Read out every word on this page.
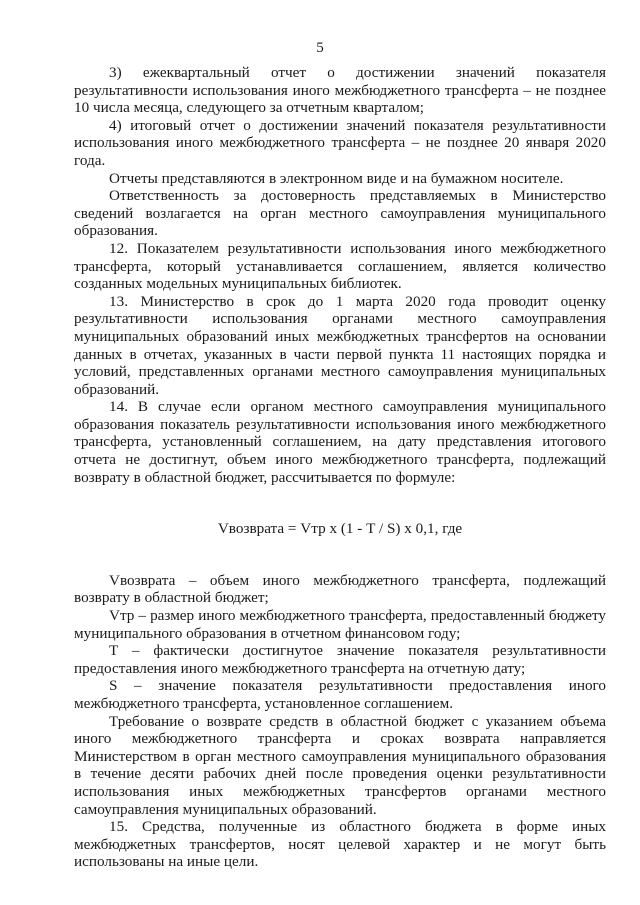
5

3) ежеквартальный отчет о достижении значений показателя результативности использования иного межбюджетного трансферта – не позднее 10 числа месяца, следующего за отчетным кварталом;

4) итоговый отчет о достижении значений показателя результативности использования иного межбюджетного трансферта – не позднее 20 января 2020 года.

Отчеты представляются в электронном виде и на бумажном носителе.

Ответственность за достоверность представляемых в Министерство сведений возлагается на орган местного самоуправления муниципального образования.

12. Показателем результативности использования иного межбюджетного трансферта, который устанавливается соглашением, является количество созданных модельных муниципальных библиотек.

13. Министерство в срок до 1 марта 2020 года проводит оценку результативности использования органами местного самоуправления муниципальных образований иных межбюджетных трансфертов на основании данных в отчетах, указанных в части первой пункта 11 настоящих порядка и условий, представленных органами местного самоуправления муниципальных образований.

14. В случае если органом местного самоуправления муниципального образования показатель результативности использования иного межбюджетного трансферта, установленный соглашением, на дату представления итогового отчета не достигнут, объем иного межбюджетного трансферта, подлежащий возврату в областной бюджет, рассчитывается по формуле:

Vвозврата = Vтр х (1 - T / S) х 0,1, где

Vвозврата – объем иного межбюджетного трансферта, подлежащий возврату в областной бюджет;

Vтр – размер иного межбюджетного трансферта, предоставленный бюджету муниципального образования в отчетном финансовом году;

T – фактически достигнутое значение показателя результативности предоставления иного межбюджетного трансферта на отчетную дату;

S – значение показателя результативности предоставления иного межбюджетного трансферта, установленное соглашением.

Требование о возврате средств в областной бюджет с указанием объема иного межбюджетного трансферта и сроках возврата направляется Министерством в орган местного самоуправления муниципального образования в течение десяти рабочих дней после проведения оценки результативности использования иных межбюджетных трансфертов органами местного самоуправления муниципальных образований.

15. Средства, полученные из областного бюджета в форме иных межбюджетных трансфертов, носят целевой характер и не могут быть использованы на иные цели.
